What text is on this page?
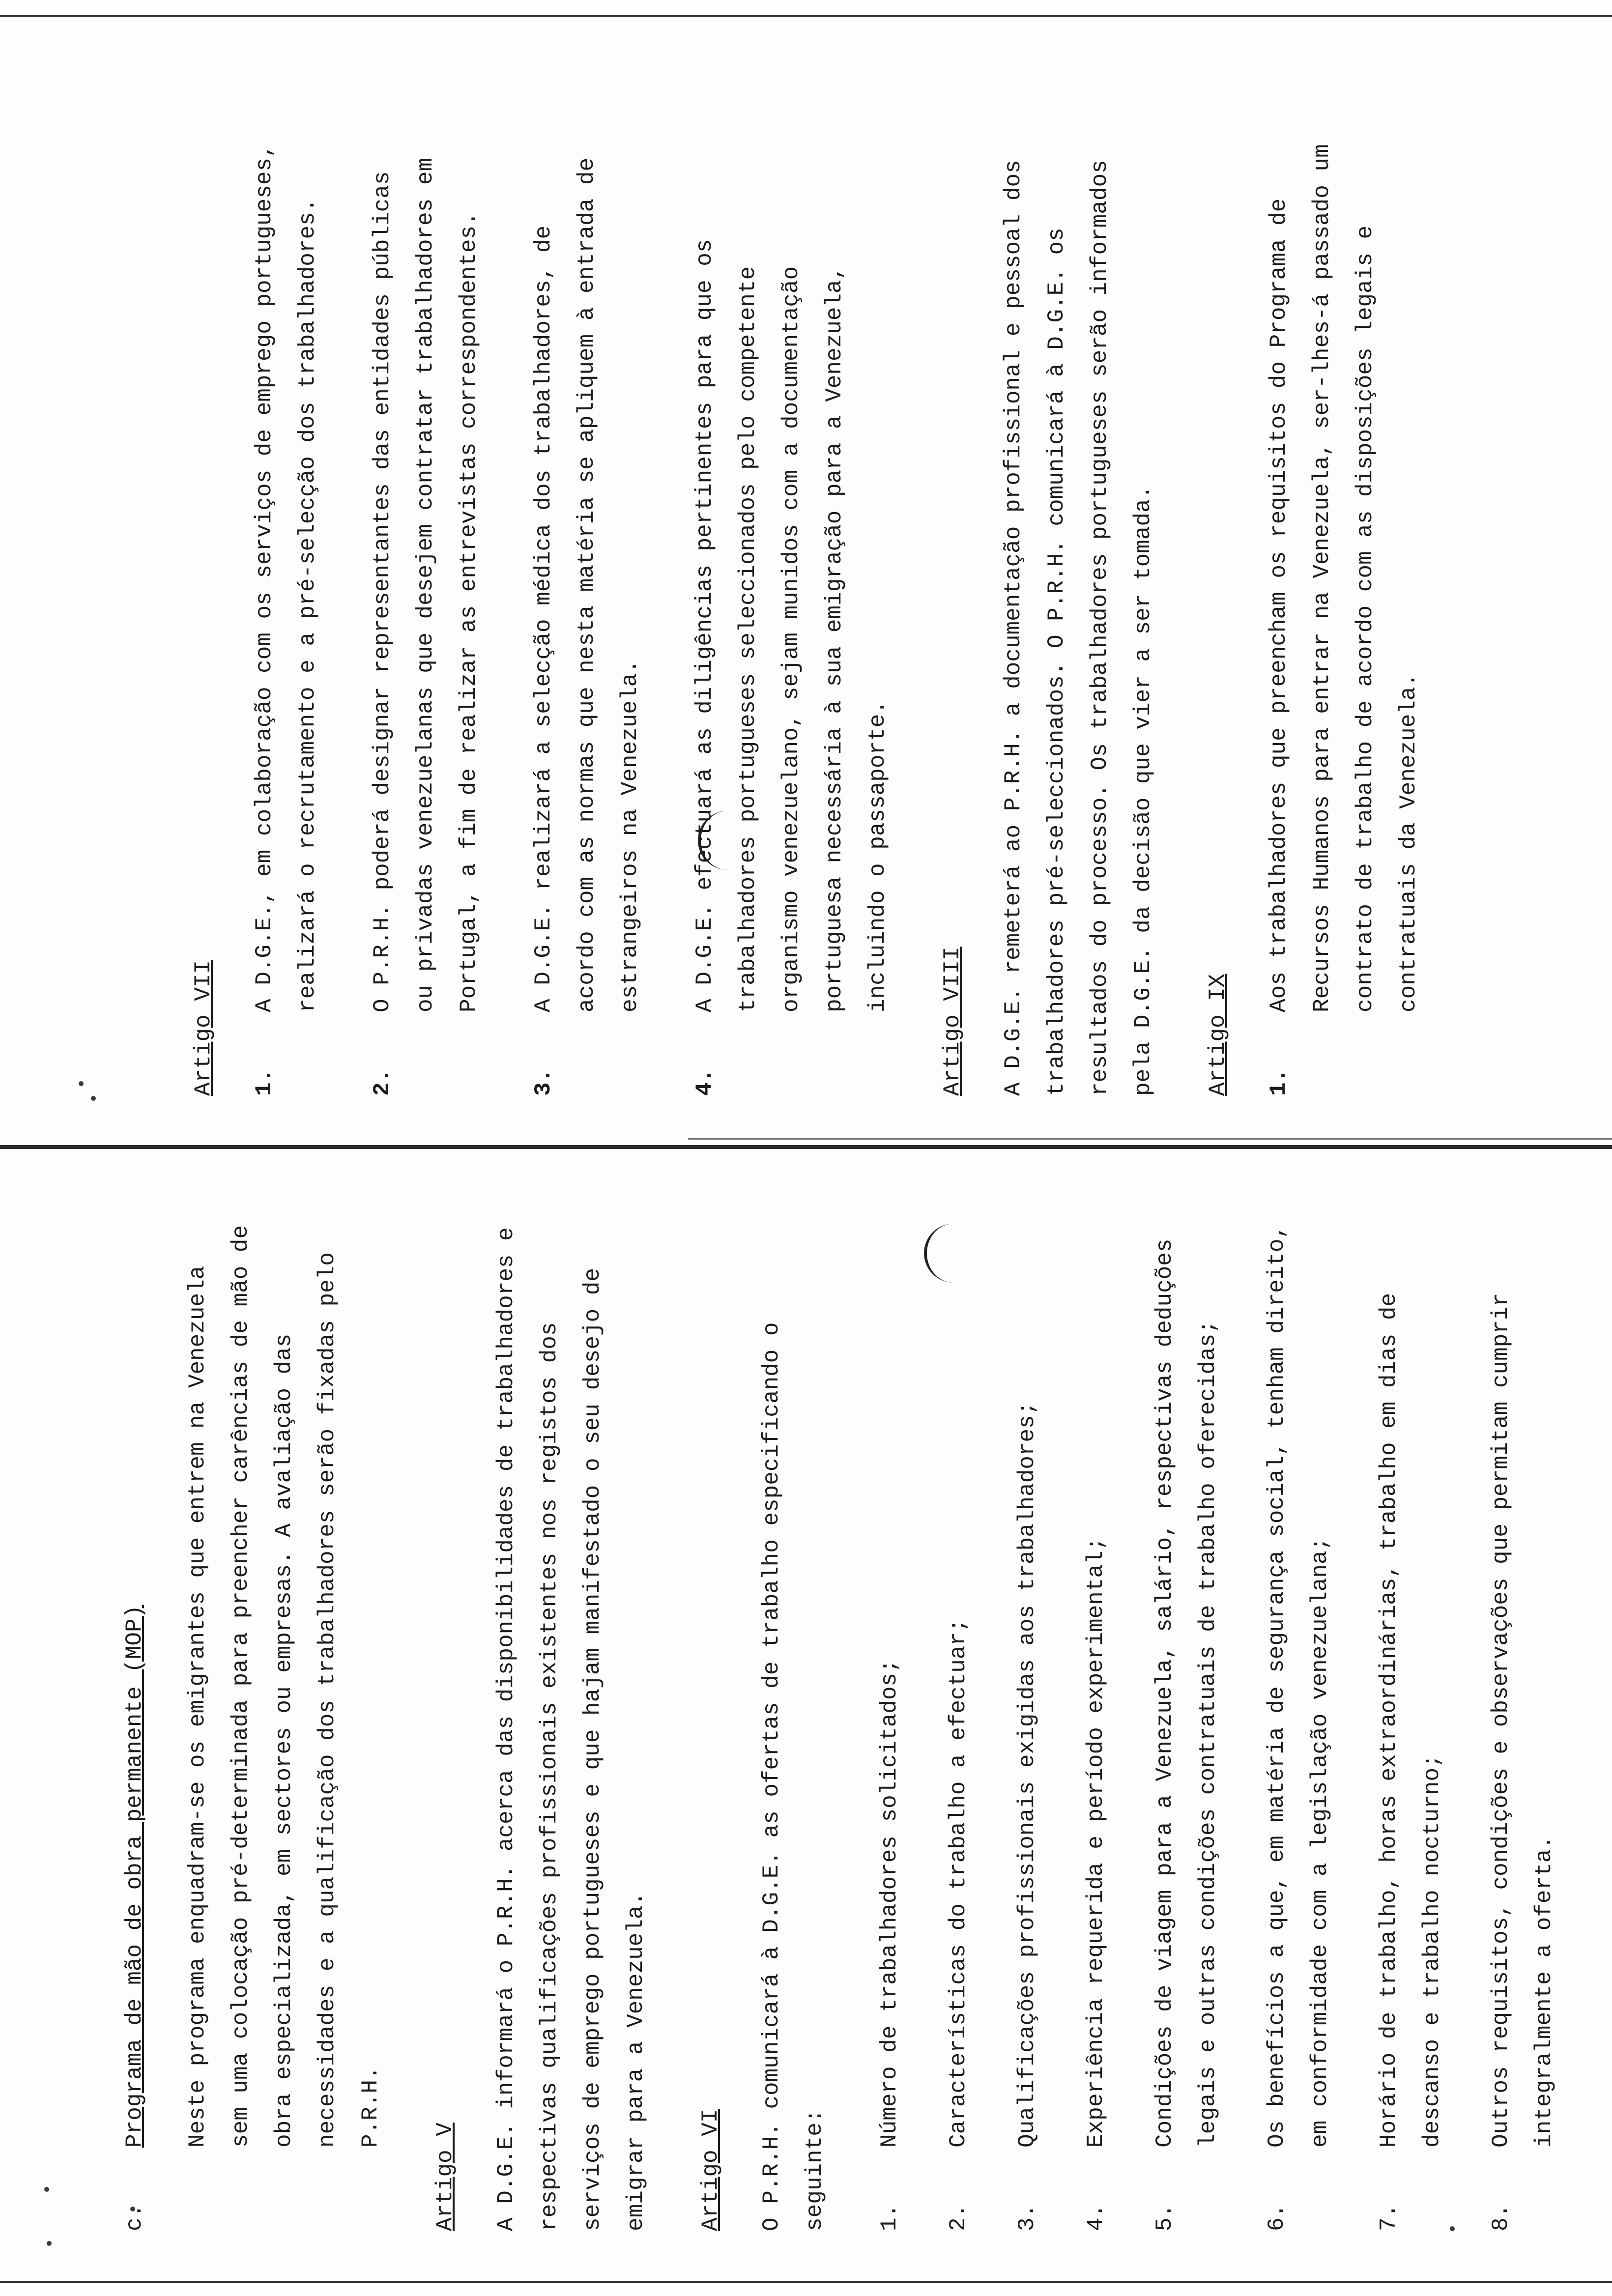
Artigo VII	1.
A D.G.E., em colaboração com os serviços de emprego portugueses, realizará o recrutamento e a pré-selecção dos trabalhadores.
2.
O P.R.H. poderá designar representantes das entidades públicas ou privadas venezuelanas que desejem contratar trabalhadores em Portugal, a fim de realizar as entrevistas correspondentes.
3.
A D.G.E. realizará a selecção médica dos trabalhadores, de acordo com as normas que nesta matéria se apliquem à entrada de estrangeiros na Venezuela.
4.
A D.G.E. efectuará as diligências pertinentes para que os trabalhadores portugueses seleccionados pelo competente organismo venezuelano, sejam munidos com a documentação portuguesa necessária à sua emigração para a Venezuela, incluindo o passaporte.
Artigo VIII	A D.G.E. remeterá ao P.R.H. a documentação profissional e pessoal dos trabalhadores pré-seleccionados. O P.R.H. comunicará à D.G.E. os resultados do processo. Os trabalhadores portugueses serão informados pela D.G.E. da decisão que vier a ser tomada.	Artigo IX	1.
Aos trabalhadores que preencham os requisitos do Programa de Recursos Humanos para entrar na Venezuela, ser-lhes-á passado um contrato de trabalho de acordo com as disposições legais e contratuais da Venezuela.
c.
Programa de mão de obra permanente (MOP)	Neste programa enquadram-se os emigrantes que entrem na Venezuela sem uma colocação pré-determinada para preencher carências de mão de obra especializada, em sectores ou empresas. A avaliação das necessidades e a qualificação dos trabalhadores serão fixadas pelo P.R.H.
Artigo V	A D.G.E. informará o P.R.H. acerca das disponibilidades de trabalhadores e respectivas qualificações profissionais existentes nos registos dos serviços de emprego portugueses e que hajam manifestado o seu desejo de emigrar para a Venezuela.	Artigo VI	O P.R.H. comunicará à D.G.E. as ofertas de trabalho especificando o seguinte:	1.
Número de trabalhadores solicitados;
2.
Características do trabalho a efectuar;
3.
Qualificações profissionais exigidas aos trabalhadores;
4.
Experiência requerida e período experimental;
5.
Condições de viagem para a Venezuela, salário, respectivas deduções legais e outras condições contratuais de trabalho oferecidas;
6.
Os benefícios a que, em matéria de segurança social, tenham direito, em conformidade com a legislação venezuelana;
7.
Horário de trabalho, horas extraordinárias, trabalho em dias de descanso e trabalho nocturno;
8.
Outros requisitos, condições e observações que permitam cumprir integralmente a oferta.
